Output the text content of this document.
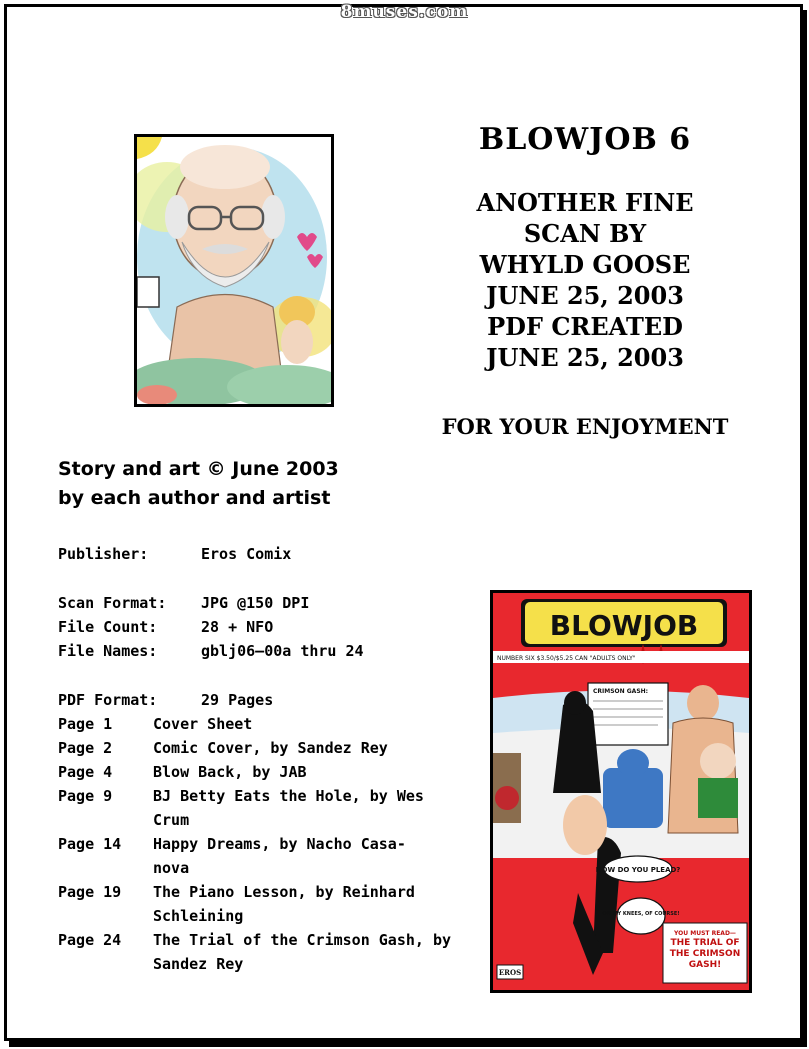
8muses.com
BLOWJOB 6
ANOTHER FINE
SCAN BY
WHYLD GOOSE
JUNE 25, 2003
PDF CREATED
JUNE 25, 2003
FOR YOUR ENJOYMENT
Story and art © June 2003
by each author and artist
Publisher:	Eros Comix
Scan Format:	JPG @150 DPI
File Count:	28 + NFO
File Names:	gblj06—00a thru 24
PDF Format:	29 Pages
Page 1	Cover Sheet
Page 2	Comic Cover, by Sandez Rey
Page 4	Blow Back, by JAB
Page 9	BJ Betty Eats the Hole, by Wes
Crum
Page 14	Happy Dreams, by Nacho Casa-
nova
Page 19	The Piano Lesson, by Reinhard
Schleining
Page 24	The Trial of the Crimson Gash, by
Sandez Rey
BLOWJOB
NUMBER SIX $3.50/$5.25 CAN "ADULTS ONLY"
CRIMSON GASH:
HOW DO YOU PLEAD?
ON MY KNEES, OF COURSE!
YOU MUST READ—
THE TRIAL OF THE CRIMSON GASH!
EROS
